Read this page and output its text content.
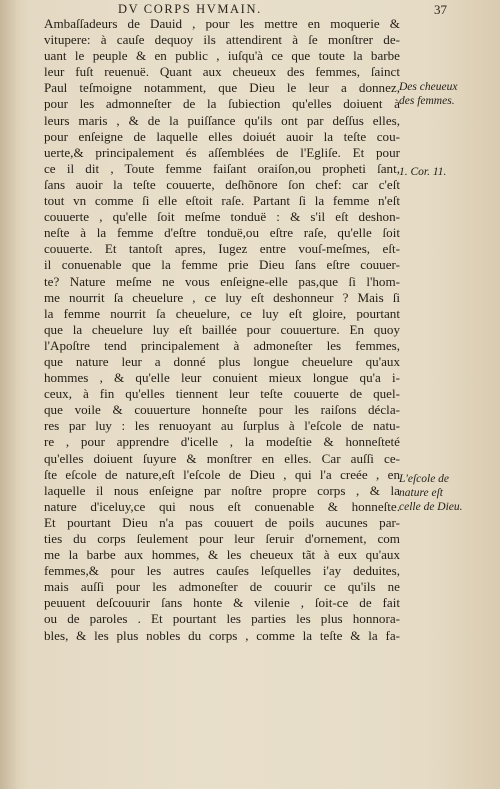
DV CORPS HVMAIN.	37
Ambaſſadeurs de Dauid , pour les mettre en moquerie &
vitupere: à cauſe dequoy ils attendirent à ſe monſtrer de-
uant le peuple & en public , iuſqu'à ce que toute la barbe
leur fuſt reuenuë. Quant aux cheueux des femmes, ſainct
Paul teſmoigne notamment, que Dieu le leur a donnez,
pour les admonneſter de la ſubiection qu'elles doiuent à
leurs maris , & de la puiſſance qu'ils ont par deſſus elles,
pour enſeigne de laquelle elles doiuét auoir la teſte cou-
uerte,& principalement és aſſemblées de l'Egliſe. Et pour
ce il dit , Toute femme faiſant oraiſon,ou propheti ſant,
ſans auoir la teſte couuerte, deſhõnore ſon chef: car c'eſt
tout vn comme ſi elle eſtoit raſe. Partant ſi la femme n'eſt
couuerte , qu'elle ſoit meſme tonduë : & s'il eſt deshon-
neſte à la femme d'eſtre tonduë,ou eſtre raſe, qu'elle ſoit
couuerte. Et tantoſt apres, Iugez entre vouſ-meſmes, eſt-
il conuenable que la femme prie Dieu ſans eſtre couuer-
te? Nature meſme ne vous enſeigne-elle pas,que ſi l'hom-
me nourrit ſa cheuelure , ce luy eſt deshonneur ? Mais ſi
la femme nourrit ſa cheuelure, ce luy eſt gloire, pourtant
que la cheuelure luy eſt baillée pour couuerture. En quoy
l'Apoſtre tend principalement à admoneſter les femmes,
que nature leur a donné plus longue cheuelure qu'aux
hommes , & qu'elle leur conuient mieux longue qu'a i-
ceux, à fin qu'elles tiennent leur teſte couuerte de quel-
que voile & couuerture honneſte pour les raiſons décla-
res par luy : les renuoyant au ſurplus à l'eſcole de natu-
re , pour apprendre d'icelle , la modeſtie & honneſteté
qu'elles doiuent ſuyure & monſtrer en elles. Car auſſi ce-
ſte eſcole de nature,eſt l'eſcole de Dieu , qui l'a creée , en
laquelle il nous enſeigne par noſtre propre corps , & la
nature d'iceluy,ce qui nous eſt conuenable & honneſte.
Et pourtant Dieu n'a pas couuert de poils aucunes par-
ties du corps ſeulement pour leur ſeruir d'ornement, com
me la barbe aux hommes, & les cheueux tãt à eux qu'aux
femmes,& pour les autres cauſes leſquelles i'ay deduites,
mais auſſi pour les admoneſter de couurir ce qu'ils ne
peuuent deſcouurir ſans honte & vilenie , ſoit-ce de fait
ou de paroles . Et pourtant les parties les plus honnora-
bles, & les plus nobles du corps , comme la teſte & la fa-
Des cheueux
des femmes.
1. Cor. 11.
L'eſcole de
nature eſt
celle de Dieu.
